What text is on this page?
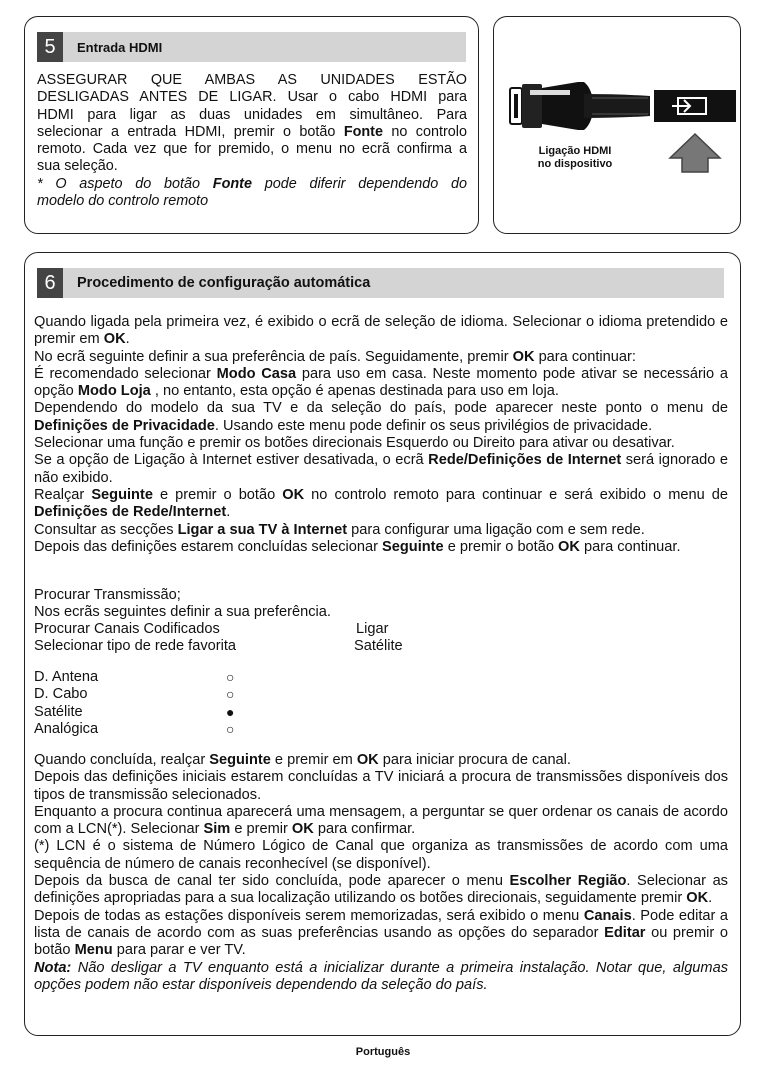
5	Entrada HDMI
ASSEGURAR QUE AMBAS AS UNIDADES ESTÃO
DESLIGADAS ANTES DE LIGAR. Usar o cabo HDMI para
HDMI para ligar as duas unidades em simultâneo. Para
selecionar a entrada HDMI, premir o botão Fonte no controlo
remoto. Cada vez que for premido, o menu no ecrã confirma a
sua seleção.
* O aspeto do botão Fonte pode diferir dependendo do
modelo do controlo remoto
Ligação HDMI
no dispositivo
6	Procedimento de configuração automática
Quando ligada pela primeira vez, é exibido o ecrã de seleção de idioma. Selecionar o idioma pretendido e premir em OK.
No ecrã seguinte definir a sua preferência de país. Seguidamente, premir OK para continuar:
É recomendado selecionar Modo Casa para uso em casa. Neste momento pode ativar se necessário a opção Modo Loja , no entanto, esta opção é apenas destinada para uso em loja.
Dependendo do modelo da sua TV e da seleção do país, pode aparecer neste ponto o menu de Definições de Privacidade. Usando este menu pode definir os seus privilégios de privacidade.
Selecionar uma função e premir os botões direcionais Esquerdo ou Direito para ativar ou desativar.
Se a opção de Ligação à Internet estiver desativada, o ecrã Rede/Definições de Internet será ignorado e não exibido.
Realçar Seguinte e premir o botão OK no controlo remoto para continuar e será exibido o menu de Definições de Rede/Internet.
Consultar as secções Ligar a sua TV à Internet para configurar uma ligação com e sem rede.
Depois das definições estarem concluídas selecionar Seguinte e premir o botão OK para continuar.
Procurar Transmissão;
Nos ecrãs seguintes definir a sua preferência.
Procurar Canais Codificados	Ligar
Selecionar tipo de rede favorita	Satélite
D. Antena	○
D. Cabo	○
Satélite	●
Analógica	○
Quando concluída, realçar Seguinte e premir em OK para iniciar procura de canal.
Depois das definições iniciais estarem concluídas a TV iniciará a procura de transmissões disponíveis dos tipos de transmissão selecionados.
Enquanto a procura continua aparecerá uma mensagem, a perguntar se quer ordenar os canais de acordo com a LCN(*). Selecionar Sim e premir OK para confirmar.
(*) LCN é o sistema de Número Lógico de Canal que organiza as transmissões de acordo com uma sequência de número de canais reconhecível (se disponível).
Depois da busca de canal ter sido concluída, pode aparecer o menu Escolher Região. Selecionar as definições apropriadas para a sua localização utilizando os botões direcionais, seguidamente premir OK.
Depois de todas as estações disponíveis serem memorizadas, será exibido o menu Canais. Pode editar a lista de canais de acordo com as suas preferências usando as opções do separador Editar ou premir o botão Menu para parar e ver TV.
Nota: Não desligar a TV enquanto está a inicializar durante a primeira instalação. Notar que, algumas opções podem não estar disponíveis dependendo da seleção do país.
Português
